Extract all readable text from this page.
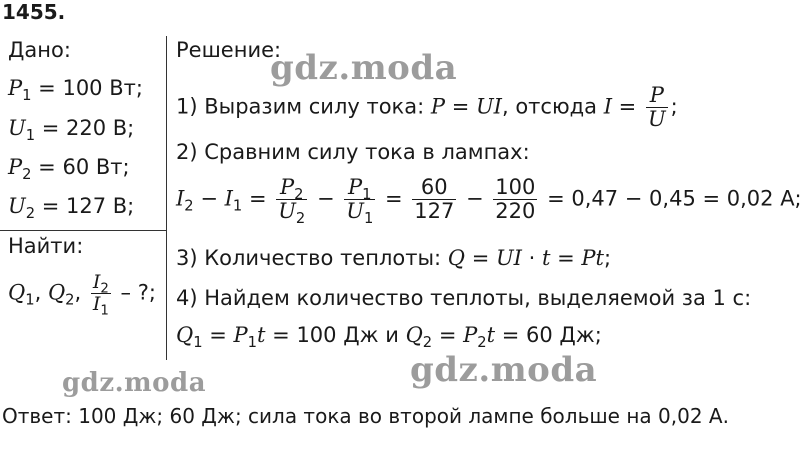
1455.
Дано:
$P_1 = 100$ Вт;
$U_1 = 220$ В;
$P_2 = 60$ Вт;
$U_2 = 127$ В;
Найти:
$Q_1$, $Q_2$, $\frac{I_2}{I_1}$ – ?;
Решение:
1) Выразим силу тока: P = UI, отсюда $I = \frac{P}{U}$ ;
2) Сравним силу тока в лампах:
$I_2 - I_1 = \frac{P_2}{U_2} - \frac{P_1}{U_1} = \frac{60}{127} - \frac{100}{220} = 0,47 - 0,45 = 0,02$ А;
3) Количество теплоты: Q = UI · t = Pt;
4) Найдем количество теплоты, выделяемой за 1 с:
$Q_1 = P_1t = 100$ Дж и $Q_2 = P_2t = 60$ Дж;
Ответ: 100 Дж; 60 Дж; сила тока во второй лампе больше на 0,02 А.
gdz.moda
gdz.moda	gdz.moda
